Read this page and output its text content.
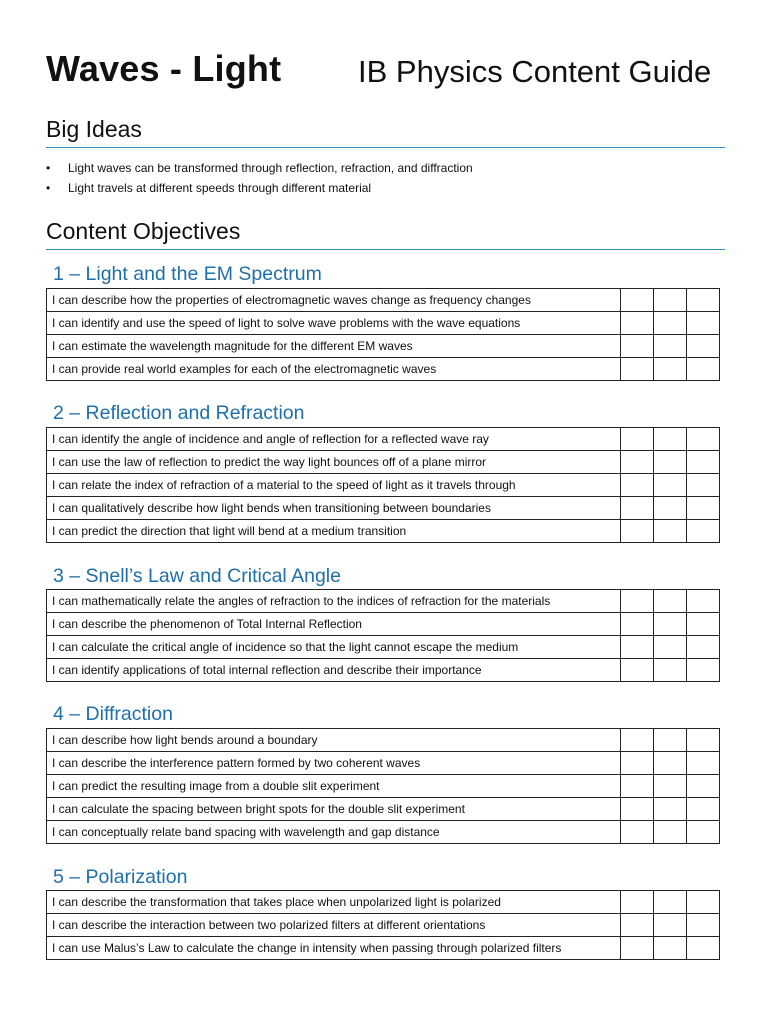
Waves - Light IB Physics Content Guide
Big Ideas
• Light waves can be transformed through reflection, refraction, and diffraction
• Light travels at different speeds through different material
Content Objectives
1 – Light and the EM Spectrum
I can describe how the properties of electromagnetic waves change as frequency changes			
I can identify and use the speed of light to solve wave problems with the wave equations			
I can estimate the wavelength magnitude for the different EM waves			
I can provide real world examples for each of the electromagnetic waves			
2 – Reflection and Refraction
I can identify the angle of incidence and angle of reflection for a reflected wave ray			
I can use the law of reflection to predict the way light bounces off of a plane mirror			
I can relate the index of refraction of a material to the speed of light as it travels through			
I can qualitatively describe how light bends when transitioning between boundaries			
I can predict the direction that light will bend at a medium transition			
3 – Snell’s Law and Critical Angle
I can mathematically relate the angles of refraction to the indices of refraction for the materials			
I can describe the phenomenon of Total Internal Reflection			
I can calculate the critical angle of incidence so that the light cannot escape the medium			
I can identify applications of total internal reflection and describe their importance			
4 – Diffraction
I can describe how light bends around a boundary			
I can describe the interference pattern formed by two coherent waves			
I can predict the resulting image from a double slit experiment			
I can calculate the spacing between bright spots for the double slit experiment			
I can conceptually relate band spacing with wavelength and gap distance			
5 – Polarization
I can describe the transformation that takes place when unpolarized light is polarized			
I can describe the interaction between two polarized filters at different orientations			
I can use Malus’s Law to calculate the change in intensity when passing through polarized filters			
